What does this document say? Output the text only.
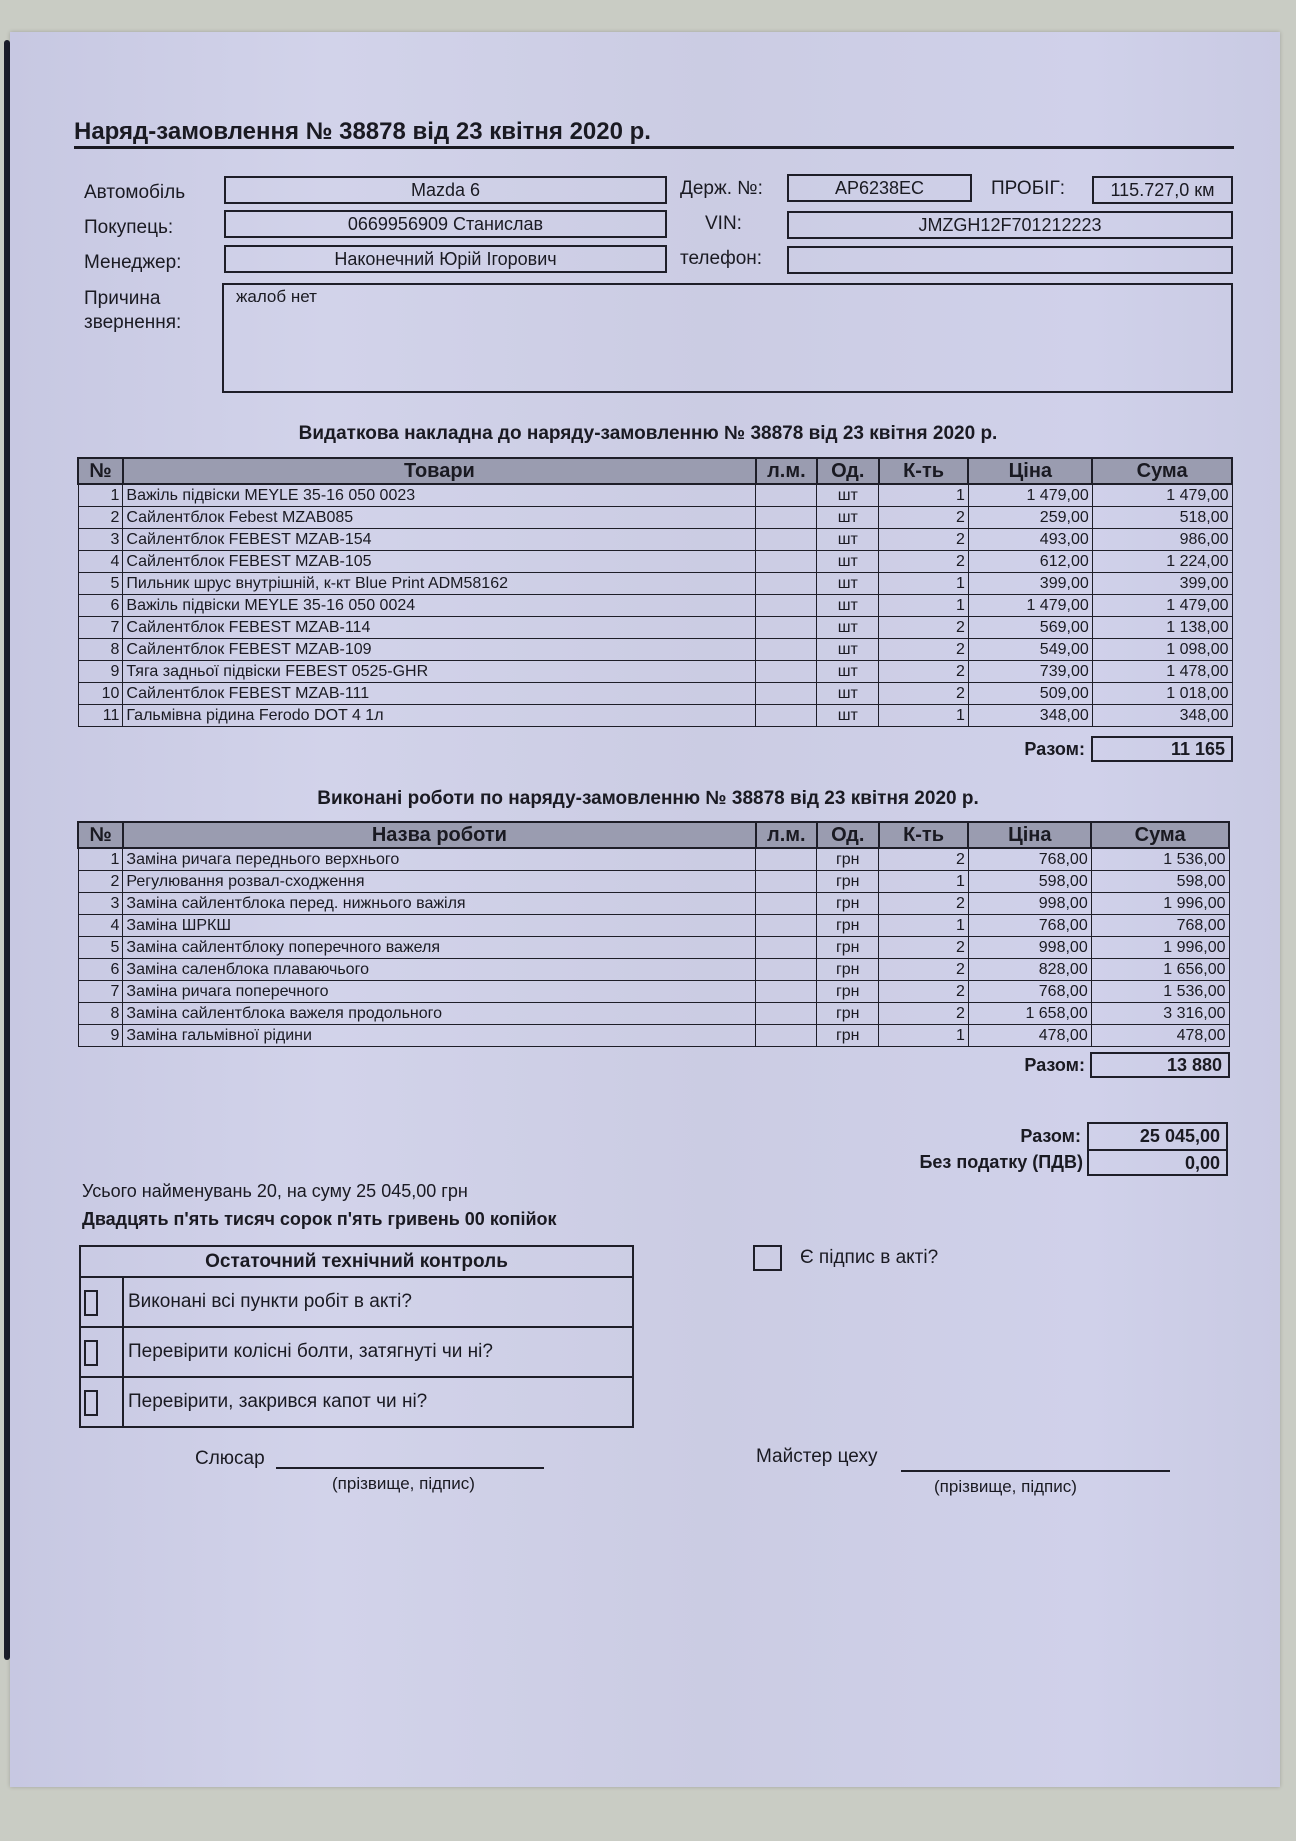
Наряд-замовлення № 38878 від 23 квітня 2020 р.
Автомобіль	Mazda 6	Держ. №:	AP6238EC	ПРОБІГ:	115.727,0 км
Покупець:	0669956909 Станислав	VIN:	JMZGH12F701212223
Менеджер:	Наконечний Юрій Ігорович	телефон:
Причина
звернення:
жалоб нет
Видаткова накладна до наряду-замовленню № 38878 від 23 квітня 2020 р.
№	Товари	л.м.	Од.	К-ть	Ціна	Сума
1	Важіль підвіски MEYLE 35-16 050 0023		шт	1	1 479,00	1 479,00
2	Сайлентблок Febest MZAB085		шт	2	259,00	518,00
3	Сайлентблок FEBEST MZAB-154		шт	2	493,00	986,00
4	Сайлентблок FEBEST MZAB-105		шт	2	612,00	1 224,00
5	Пильник шрус внутрішній, к-кт Blue Print ADM58162		шт	1	399,00	399,00
6	Важіль підвіски MEYLE 35-16 050 0024		шт	1	1 479,00	1 479,00
7	Сайлентблок FEBEST MZAB-114		шт	2	569,00	1 138,00
8	Сайлентблок FEBEST MZAB-109		шт	2	549,00	1 098,00
9	Тяга задньої підвіски FEBEST 0525-GHR		шт	2	739,00	1 478,00
10	Сайлентблок FEBEST MZAB-111		шт	2	509,00	1 018,00
11	Гальмівна рідина Ferodo DOT 4 1л		шт	1	348,00	348,00
Разом:	11 165
Виконані роботи по наряду-замовленню № 38878 від 23 квітня 2020 р.
№	Назва роботи	л.м.	Од.	К-ть	Ціна	Сума
1	Заміна ричага переднього верхнього		грн	2	768,00	1 536,00
2	Регулювання розвал-сходження		грн	1	598,00	598,00
3	Заміна сайлентблока перед. нижнього важіля		грн	2	998,00	1 996,00
4	Заміна ШРКШ		грн	1	768,00	768,00
5	Заміна сайлентблоку поперечного важеля		грн	2	998,00	1 996,00
6	Заміна саленблока плаваючього		грн	2	828,00	1 656,00
7	Заміна ричага поперечного		грн	2	768,00	1 536,00
8	Заміна сайлентблока важеля продольного		грн	2	1 658,00	3 316,00
9	Заміна гальмівної рідини		грн	1	478,00	478,00
Разом:	13 880
Разом:	25 045,00
0,00
Без податку (ПДВ)
Усього найменувань 20, на суму 25 045,00 грн
Двадцять п'ять тисяч сорок п'ять гривень 00 копійок
Остаточний технічний контроль
Виконані всі пункти робіт в акті?
Перевірити колісні болти, затягнуті чи ні?
Перевірити, закрився капот чи ні?
Є підпис в акті?
Слюсар
(прізвище, підпис)
Майстер цеху
(прізвище, підпис)
